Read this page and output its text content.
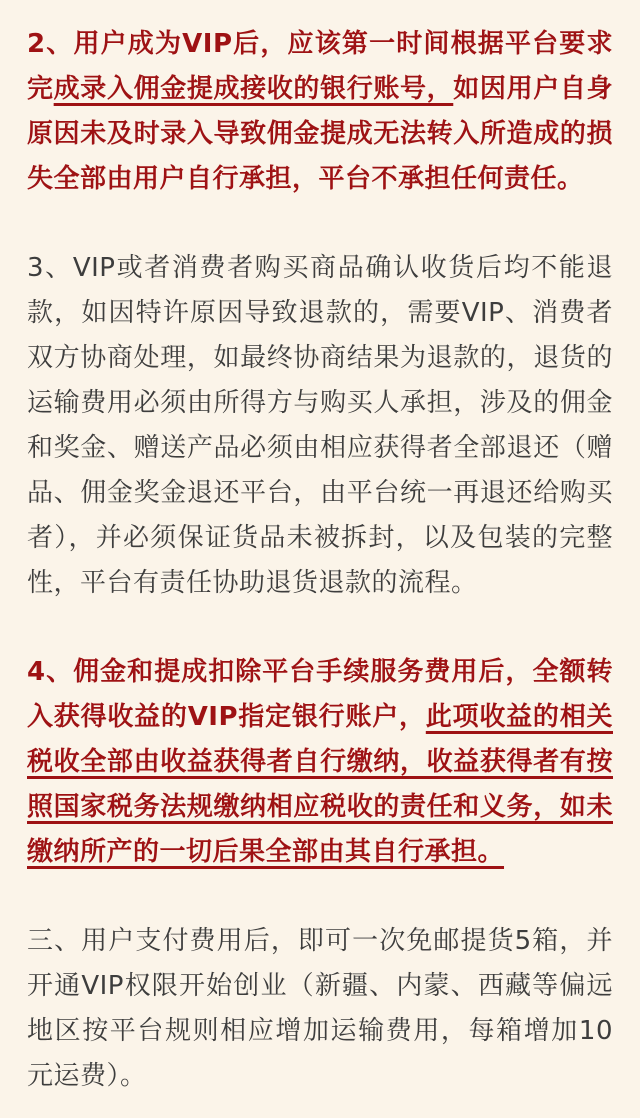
2、用户成为VIP后，应该第一时间根据平台要求完成录入佣金提成接收的银行账号，如因用户自身原因未及时录入导致佣金提成无法转入所造成的损失全部由用户自行承担，平台不承担任何责任。

3、VIP或者消费者购买商品确认收货后均不能退款，如因特许原因导致退款的，需要VIP、消费者双方协商处理，如最终协商结果为退款的，退货的运输费用必须由所得方与购买人承担，涉及的佣金和奖金、赠送产品必须由相应获得者全部退还（赠品、佣金奖金退还平台，由平台统一再退还给购买者），并必须保证货品未被拆封，以及包装的完整性，平台有责任协助退货退款的流程。

4、佣金和提成扣除平台手续服务费用后，全额转入获得收益的VIP指定银行账户，此项收益的相关税收全部由收益获得者自行缴纳，收益获得者有按照国家税务法规缴纳相应税收的责任和义务，如未缴纳所产的一切后果全部由其自行承担。

三、用户支付费用后，即可一次免邮提货5箱，并开通VIP权限开始创业（新疆、内蒙、西藏等偏远地区按平台规则相应增加运输费用，每箱增加10元运费）。
